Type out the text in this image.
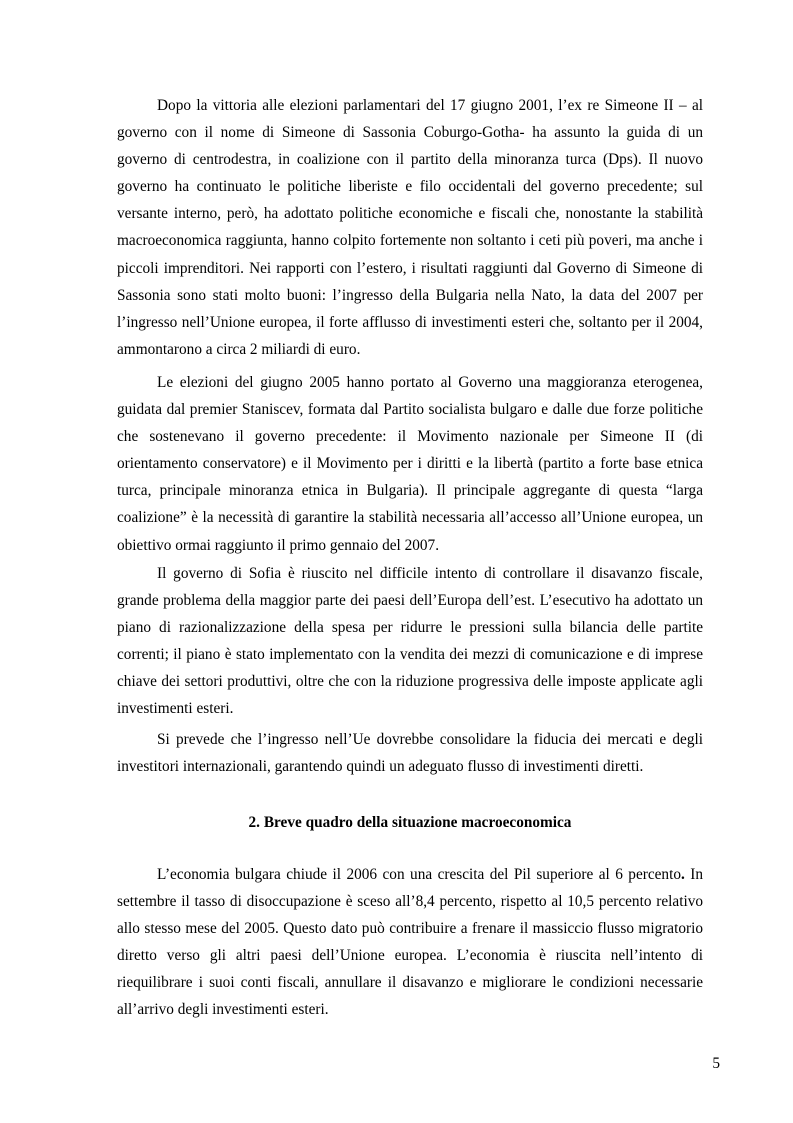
Dopo la vittoria alle elezioni parlamentari del 17 giugno 2001, l’ex re Simeone II – al governo con il nome di Simeone di Sassonia Coburgo-Gotha- ha assunto la guida di un governo di centrodestra, in coalizione con il partito della minoranza turca (Dps). Il nuovo governo ha continuato le politiche liberiste e filo occidentali del governo precedente; sul versante interno, però, ha adottato politiche economiche e fiscali che, nonostante la stabilità macroeconomica raggiunta, hanno colpito fortemente non soltanto i ceti più poveri, ma anche i piccoli imprenditori. Nei rapporti con l’estero, i risultati raggiunti dal Governo di Simeone di Sassonia sono stati molto buoni: l’ingresso della Bulgaria nella Nato, la data del 2007 per l’ingresso nell’Unione europea, il forte afflusso di investimenti esteri che, soltanto per il 2004, ammontarono a circa 2 miliardi di euro.

Le elezioni del giugno 2005 hanno portato al Governo una maggioranza eterogenea, guidata dal premier Staniscev, formata dal Partito socialista bulgaro e dalle due forze politiche che sostenevano il governo precedente: il Movimento nazionale per Simeone II (di orientamento conservatore) e il Movimento per i diritti e la libertà (partito a forte base etnica turca, principale minoranza etnica in Bulgaria). Il principale aggregante di questa “larga coalizione” è la necessità di garantire la stabilità necessaria all’accesso all’Unione europea, un obiettivo ormai raggiunto il primo gennaio del 2007.

Il governo di Sofia è riuscito nel difficile intento di controllare il disavanzo fiscale, grande problema della maggior parte dei paesi dell’Europa dell’est. L’esecutivo ha adottato un piano di razionalizzazione della spesa per ridurre le pressioni sulla bilancia delle partite correnti; il piano è stato implementato con la vendita dei mezzi di comunicazione e di imprese chiave dei settori produttivi, oltre che con la riduzione progressiva delle imposte applicate agli investimenti esteri.

Si prevede che l’ingresso nell’Ue dovrebbe consolidare la fiducia dei mercati e degli investitori internazionali, garantendo quindi un adeguato flusso di investimenti diretti.

2. Breve quadro della situazione macroeconomica

L’economia bulgara chiude il 2006 con una crescita del Pil superiore al 6 percento. In settembre il tasso di disoccupazione è sceso all’8,4 percento, rispetto al 10,5 percento relativo allo stesso mese del 2005. Questo dato può contribuire a frenare il massiccio flusso migratorio diretto verso gli altri paesi dell’Unione europea. L’economia è riuscita nell’intento di riequilibrare i suoi conti fiscali, annullare il disavanzo e migliorare le condizioni necessarie all’arrivo degli investimenti esteri.

5
